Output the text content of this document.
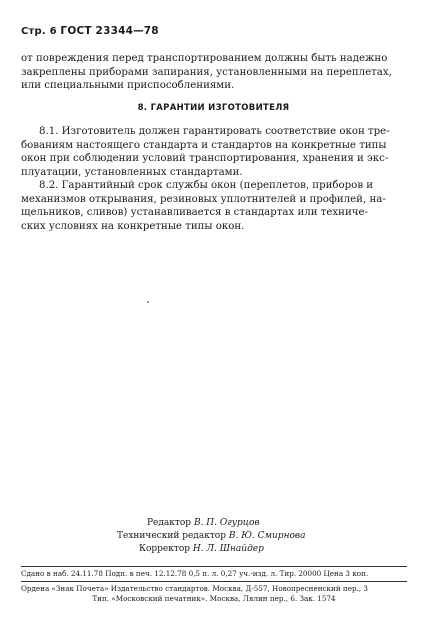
Стр. 6 ГОСТ 23344—78
от повреждения перед транспортированием должны быть надежно
закреплены приборами запирания, установленными на переплетах,
или специальными приспособлениями.
8. ГАРАНТИИ ИЗГОТОВИТЕЛЯ
8.1. Изготовитель должен гарантировать соответствие окон тре-
бованиям настоящего стандарта и стандартов на конкретные типы
окон при соблюдении условий транспортирования, хранения и экс-
плуатации, установленных стандартами.
8.2. Гарантийный срок службы окон (переплетов, приборов и
механизмов открывания, резиновых уплотнителей и профилей, на-
щельников, сливов) устанавливается в стандартах или техниче-
ских условиях на конкретные типы окон.
Редактор В. П. Огурцов
Технический редактор В. Ю. Смирнова
Корректор Н. Л. Шнайдер
Сдано в наб. 24.11.78 Подп. в печ. 12.12.78 0,5 п. л. 0,27 уч.-изд. л. Тир. 20000 Цена 3 коп.
Ордена «Знак Почета» Издательство стандартов. Москва, Д-557, Новопресненский пер., 3
Тип. «Московский печатник». Москва, Лялин пер., 6. Зак. 1574
